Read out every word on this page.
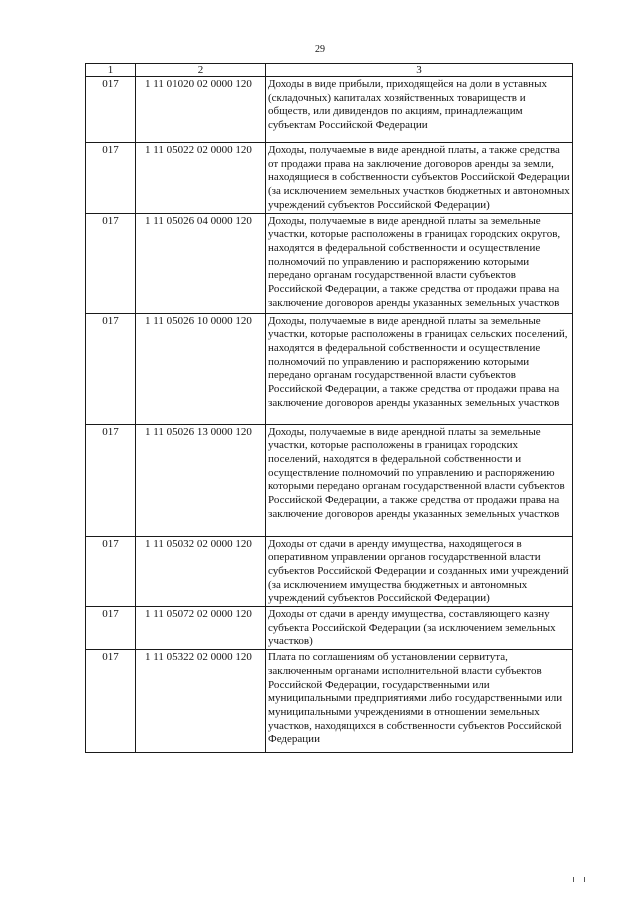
29
1	2	3
017	1 11 01020 02 0000 120	Доходы в виде прибыли, приходящейся на доли в уставных (складочных) капиталах хозяйственных товариществ и обществ, или дивидендов по акциям, принадлежащим субъектам Российской Федерации
017	1 11 05022 02 0000 120	Доходы, получаемые в виде арендной платы, а также средства от продажи права на заключение договоров аренды за земли, находящиеся в собственности субъектов Российской Федерации (за исключением земельных участков бюджетных и автономных учреждений субъектов Российской Федерации)
017	1 11 05026 04 0000 120	Доходы, получаемые в виде арендной платы за земельные участки, которые расположены в границах городских округов, находятся в федеральной собственности и осуществление полномочий по управлению и распоряжению которыми передано органам государственной власти субъектов Российской Федерации, а также средства от продажи права на заключение договоров аренды указанных земельных участков
017	1 11 05026 10 0000 120	Доходы, получаемые в виде арендной платы за земельные участки, которые расположены в границах сельских поселений, находятся в федеральной собственности и осуществление полномочий по управлению и распоряжению которыми передано органам государственной власти субъектов Российской Федерации, а также средства от продажи права на заключение договоров аренды указанных земельных участков
017	1 11 05026 13 0000 120	Доходы, получаемые в виде арендной платы за земельные участки, которые расположены в границах городских поселений, находятся в федеральной собственности и осуществление полномочий по управлению и распоряжению которыми передано органам государственной власти субъектов Российской Федерации, а также средства от продажи права на заключение договоров аренды указанных земельных участков
017	1 11 05032 02 0000 120	Доходы от сдачи в аренду имущества, находящегося в оперативном управлении органов государственной власти субъектов Российской Федерации и созданных ими учреждений (за исключением имущества бюджетных и автономных учреждений субъектов Российской Федерации)
017	1 11 05072 02 0000 120	Доходы от сдачи в аренду имущества, составляющего казну субъекта Российской Федерации (за исключением земельных участков)
017	1 11 05322 02 0000 120	Плата по соглашениям об установлении сервитута, заключенным органами исполнительной власти субъектов Российской Федерации, государственными или муниципальными предприятиями либо государственными или муниципальными учреждениями в отношении земельных участков, находящихся в собственности субъектов Российской Федерации
